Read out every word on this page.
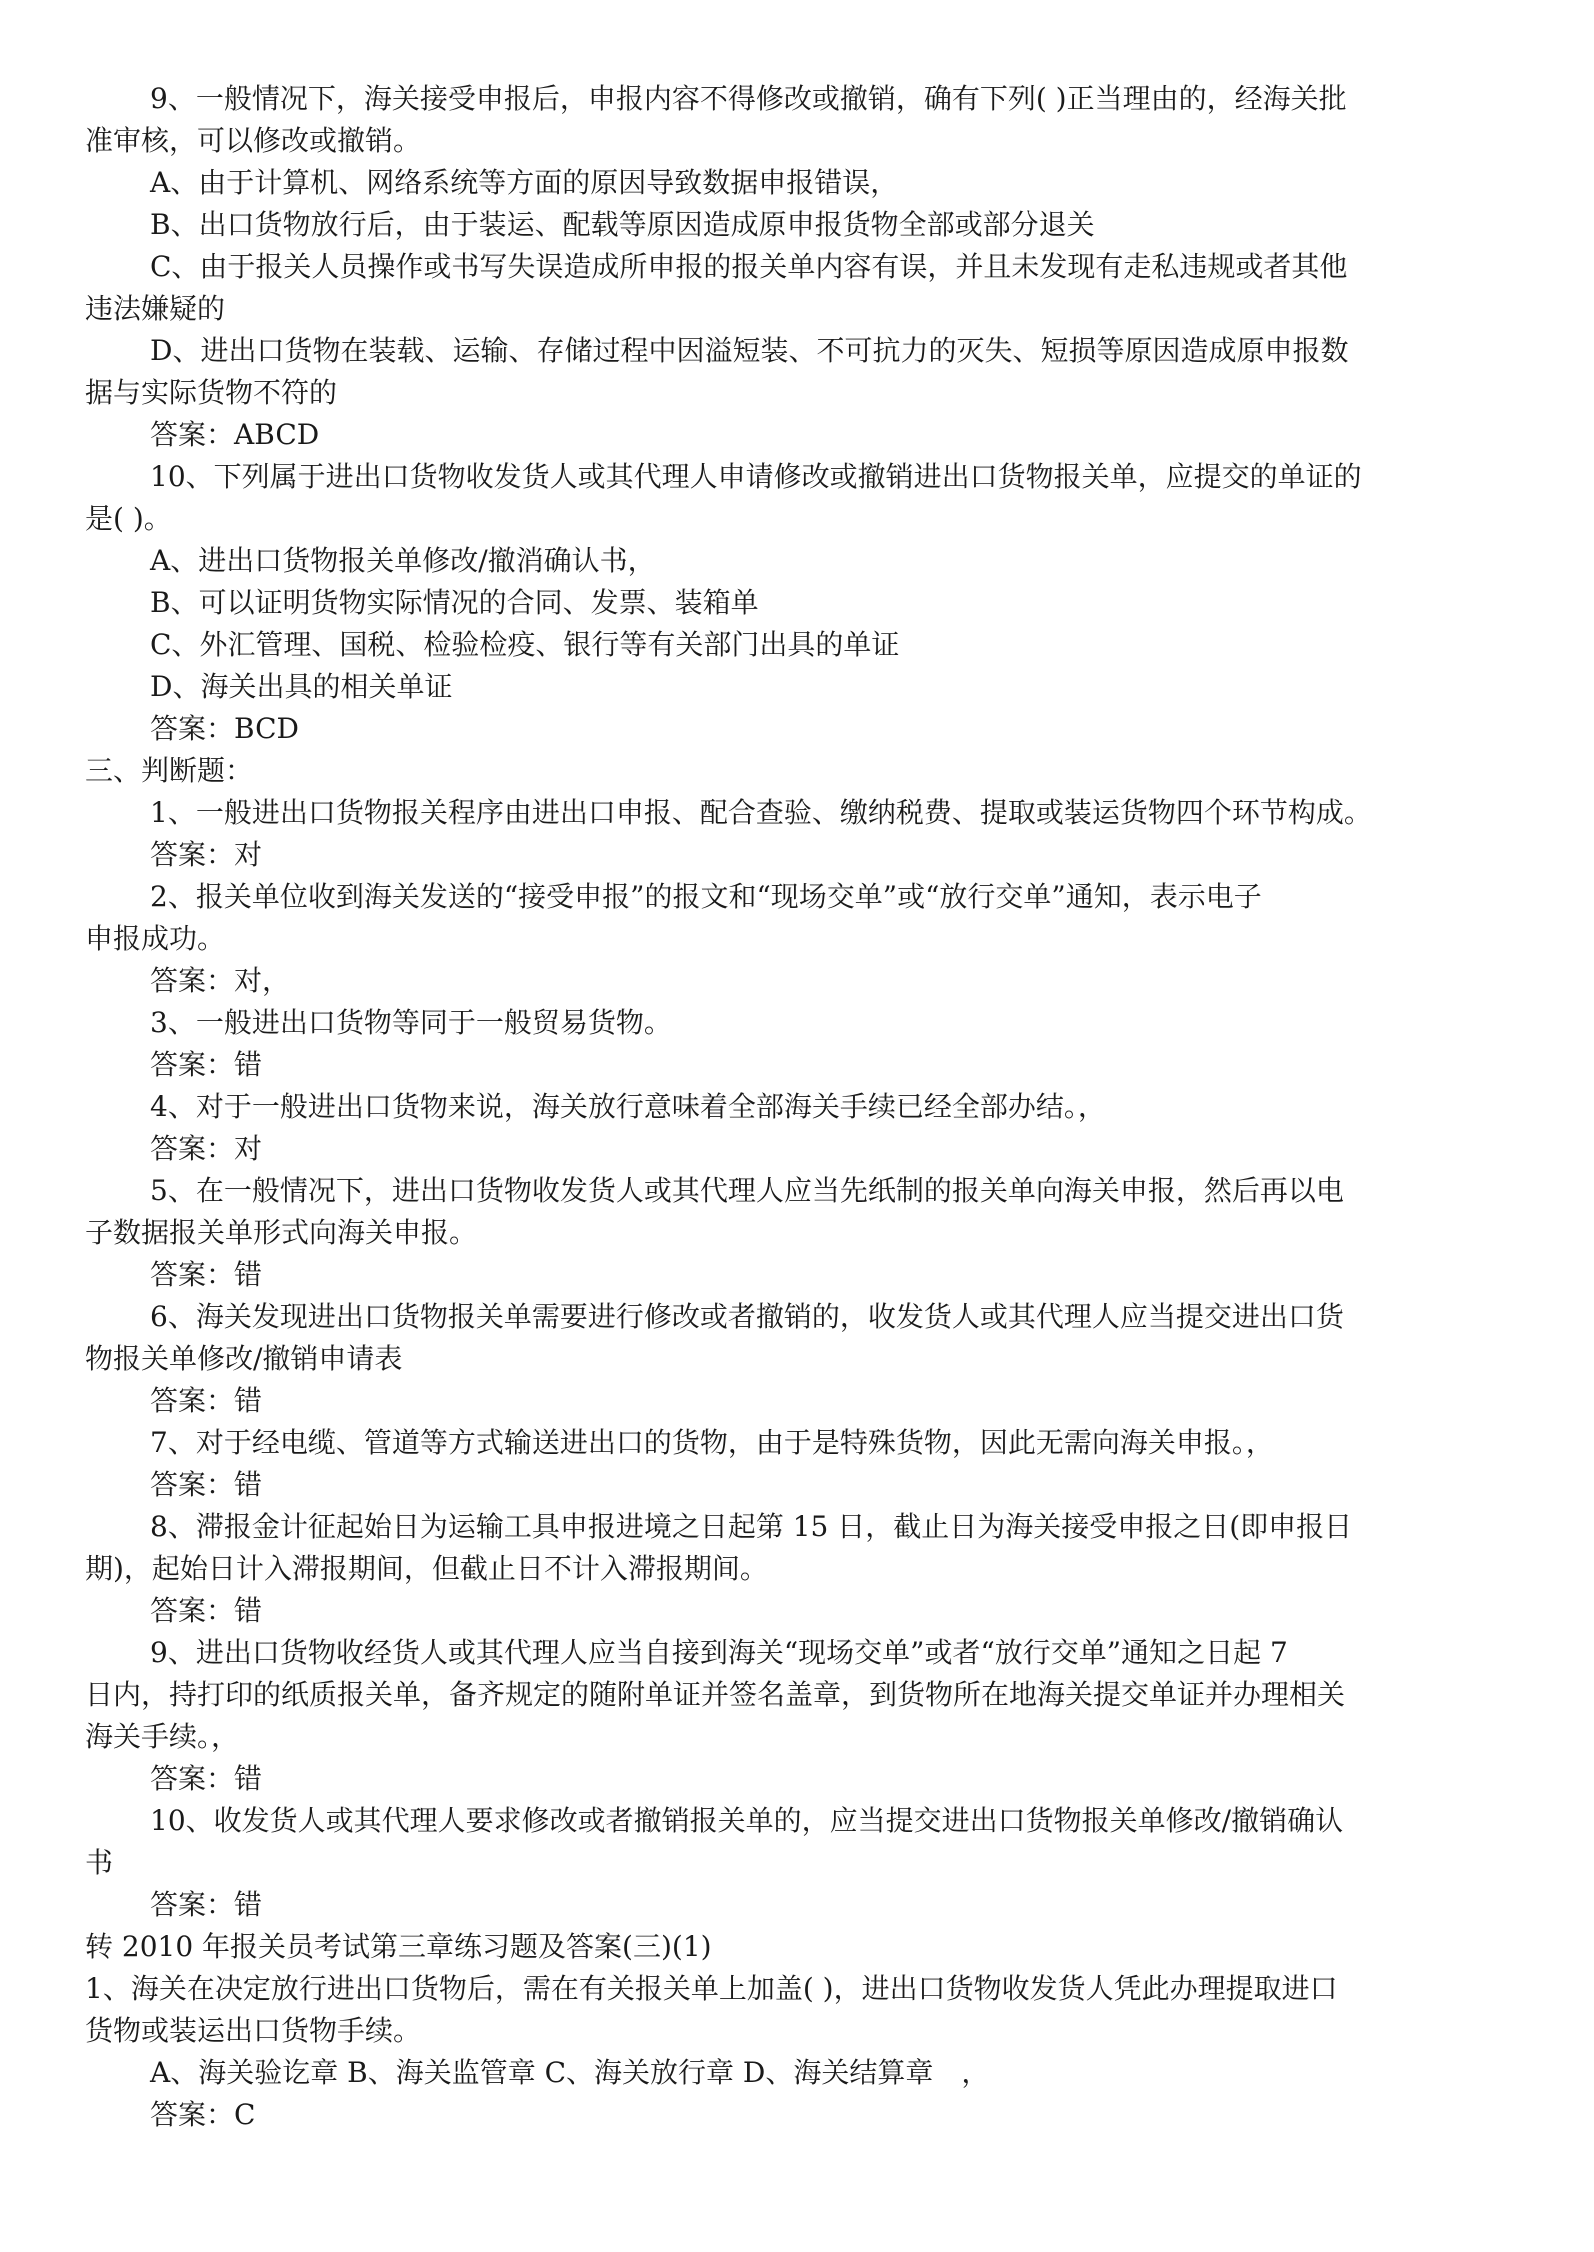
9、一般情况下，海关接受申报后，申报内容不得修改或撤销，确有下列( )正当理由的，经海关批

准审核，可以修改或撤销。

A、由于计算机、网络系统等方面的原因导致数据申报错误，

B、出口货物放行后，由于装运、配载等原因造成原申报货物全部或部分退关

C、由于报关人员操作或书写失误造成所申报的报关单内容有误，并且未发现有走私违规或者其他

违法嫌疑的

D、进出口货物在装载、运输、存储过程中因溢短装、不可抗力的灭失、短损等原因造成原申报数

据与实际货物不符的

答案：ABCD

10、下列属于进出口货物收发货人或其代理人申请修改或撤销进出口货物报关单，应提交的单证的

是( )。

A、进出口货物报关单修改/撤消确认书，

B、可以证明货物实际情况的合同、发票、装箱单

C、外汇管理、国税、检验检疫、银行等有关部门出具的单证

D、海关出具的相关单证

答案：BCD

三、判断题：

1、一般进出口货物报关程序由进出口申报、配合查验、缴纳税费、提取或装运货物四个环节构成。

答案：对

2、报关单位收到海关发送的“接受申报”的报文和“现场交单”或“放行交单”通知，表示电子

申报成功。

答案：对，

3、一般进出口货物等同于一般贸易货物。

答案：错

4、对于一般进出口货物来说，海关放行意味着全部海关手续已经全部办结。，

答案：对

5、在一般情况下，进出口货物收发货人或其代理人应当先纸制的报关单向海关申报，然后再以电

子数据报关单形式向海关申报。

答案：错

6、海关发现进出口货物报关单需要进行修改或者撤销的，收发货人或其代理人应当提交进出口货

物报关单修改/撤销申请表

答案：错

7、对于经电缆、管道等方式输送进出口的货物，由于是特殊货物，因此无需向海关申报。，

答案：错

8、滞报金计征起始日为运输工具申报进境之日起第 15 日，截止日为海关接受申报之日(即申报日

期)，起始日计入滞报期间，但截止日不计入滞报期间。

答案：错

9、进出口货物收经货人或其代理人应当自接到海关“现场交单”或者“放行交单”通知之日起 7

日内，持打印的纸质报关单，备齐规定的随附单证并签名盖章，到货物所在地海关提交单证并办理相关

海关手续。，

答案：错

10、收发货人或其代理人要求修改或者撤销报关单的，应当提交进出口货物报关单修改/撤销确认

书

答案：错

转 2010 年报关员考试第三章练习题及答案(三)(1)

1、海关在决定放行进出口货物后，需在有关报关单上加盖( )，进出口货物收发货人凭此办理提取进口

货物或装运出口货物手续。

A、海关验讫章 B、海关监管章 C、海关放行章 D、海关结算章　，

答案：C
